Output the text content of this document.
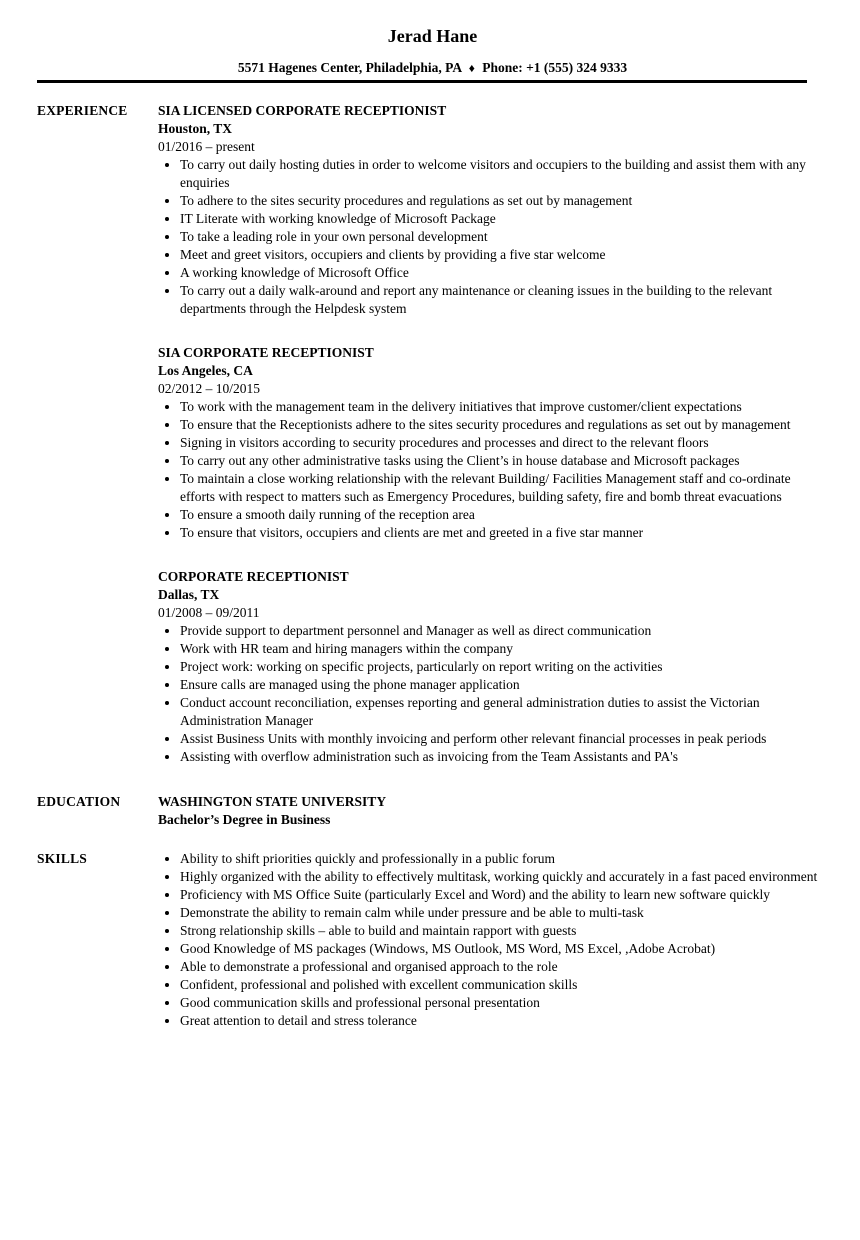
Jerad Hane
5571 Hagenes Center, Philadelphia, PA ♦ Phone: +1 (555) 324 9333
EXPERIENCE	SIA LICENSED CORPORATE RECEPTIONIST
Houston, TX
01/2016 – present
• To carry out daily hosting duties in order to welcome visitors and occupiers to the building and assist them with any enquiries
• To adhere to the sites security procedures and regulations as set out by management
• IT Literate with working knowledge of Microsoft Package
• To take a leading role in your own personal development
• Meet and greet visitors, occupiers and clients by providing a five star welcome
• A working knowledge of Microsoft Office
• To carry out a daily walk-around and report any maintenance or cleaning issues in the building to the relevant departments through the Helpdesk system
SIA CORPORATE RECEPTIONIST
Los Angeles, CA
02/2012 – 10/2015
• To work with the management team in the delivery initiatives that improve customer/client expectations
• To ensure that the Receptionists adhere to the sites security procedures and regulations as set out by management
• Signing in visitors according to security procedures and processes and direct to the relevant floors
• To carry out any other administrative tasks using the Client’s in house database and Microsoft packages
• To maintain a close working relationship with the relevant Building/ Facilities Management staff and co-ordinate efforts with respect to matters such as Emergency Procedures, building safety, fire and bomb threat evacuations
• To ensure a smooth daily running of the reception area
• To ensure that visitors, occupiers and clients are met and greeted in a five star manner
CORPORATE RECEPTIONIST
Dallas, TX
01/2008 – 09/2011
• Provide support to department personnel and Manager as well as direct communication
• Work with HR team and hiring managers within the company
• Project work: working on specific projects, particularly on report writing on the activities
• Ensure calls are managed using the phone manager application
• Conduct account reconciliation, expenses reporting and general administration duties to assist the Victorian Administration Manager
• Assist Business Units with monthly invoicing and perform other relevant financial processes in peak periods
• Assisting with overflow administration such as invoicing from the Team Assistants and PA's
EDUCATION	WASHINGTON STATE UNIVERSITY
Bachelor’s Degree in Business
SKILLS	• Ability to shift priorities quickly and professionally in a public forum
• Highly organized with the ability to effectively multitask, working quickly and accurately in a fast paced environment
• Proficiency with MS Office Suite (particularly Excel and Word) and the ability to learn new software quickly
• Demonstrate the ability to remain calm while under pressure and be able to multi-task
• Strong relationship skills – able to build and maintain rapport with guests
• Good Knowledge of MS packages (Windows, MS Outlook, MS Word, MS Excel, ,Adobe Acrobat)
• Able to demonstrate a professional and organised approach to the role
• Confident, professional and polished with excellent communication skills
• Good communication skills and professional personal presentation
• Great attention to detail and stress tolerance
